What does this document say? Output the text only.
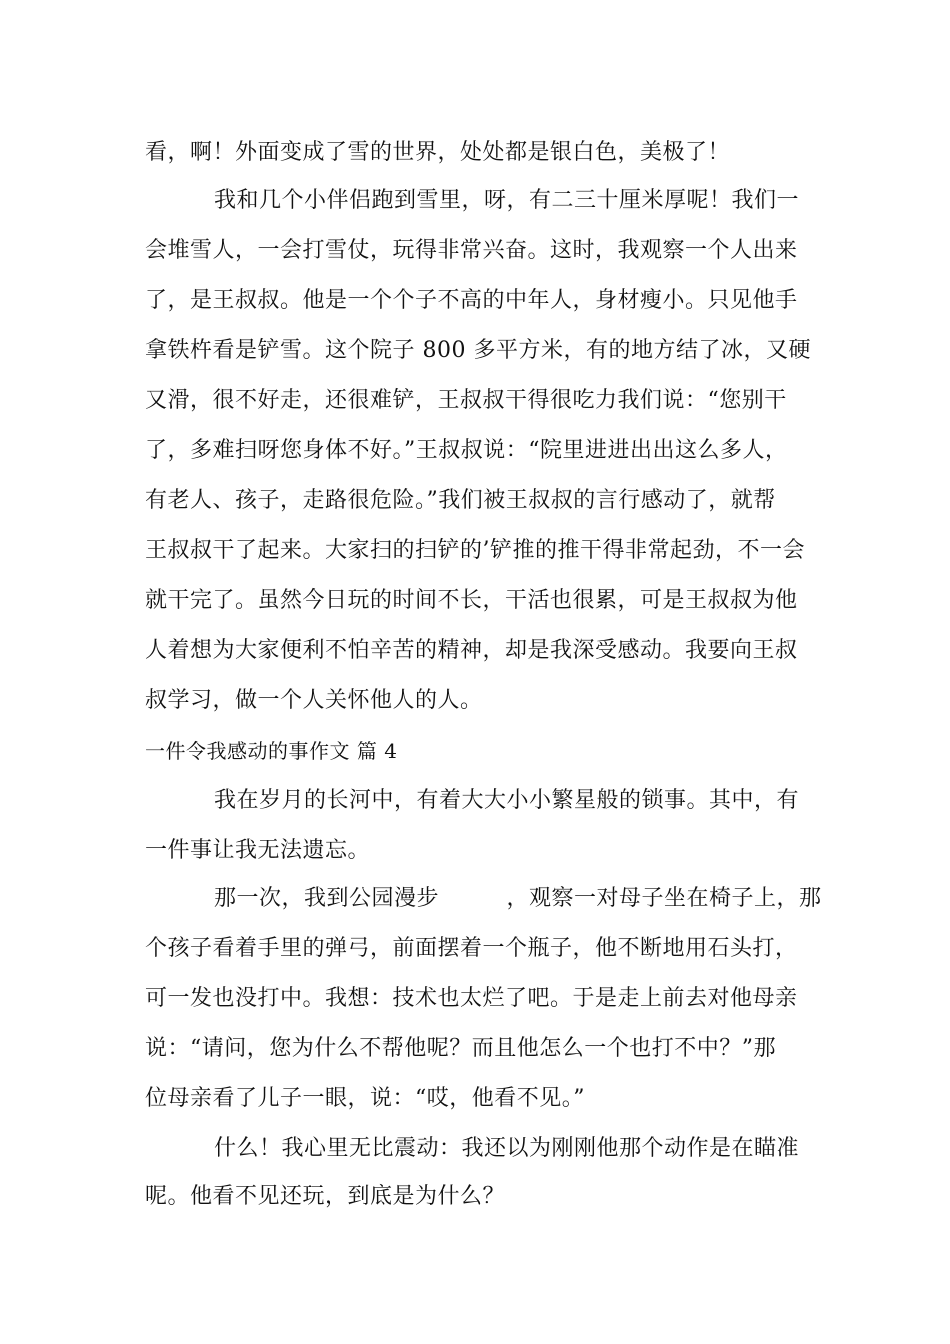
看，啊！外面变成了雪的世界，处处都是银白色，美极了！
我和几个小伴侣跑到雪里，呀，有二三十厘米厚呢！我们一
会堆雪人，一会打雪仗，玩得非常兴奋。这时，我观察一个人出来
了，是王叔叔。他是一个个子不高的中年人，身材瘦小。只见他手
拿铁杵看是铲雪。这个院子 800 多平方米，有的地方结了冰，又硬
又滑，很不好走，还很难铲，王叔叔干得很吃力我们说：“您别干
了，多难扫呀您身体不好。”王叔叔说：“院里进进出出这么多人，
有老人、孩子，走路很危险。”我们被王叔叔的言行感动了，就帮
王叔叔干了起来。大家扫的扫铲的’铲推的推干得非常起劲，不一会
就干完了。虽然今日玩的时间不长，干活也很累，可是王叔叔为他
人着想为大家便利不怕辛苦的精神，却是我深受感动。我要向王叔
叔学习，做一个人关怀他人的人。
一件令我感动的事作文 篇 4
我在岁月的长河中，有着大大小小繁星般的锁事。其中，有
一件事让我无法遗忘。
那一次，我到公园漫步　　　，观察一对母子坐在椅子上，那
个孩子看着手里的弹弓，前面摆着一个瓶子，他不断地用石头打，
可一发也没打中。我想：技术也太烂了吧。于是走上前去对他母亲
说：“请问，您为什么不帮他呢？而且他怎么一个也打不中？”那
位母亲看了儿子一眼，说：“哎，他看不见。”
什么！我心里无比震动：我还以为刚刚他那个动作是在瞄准
呢。他看不见还玩，到底是为什么？
